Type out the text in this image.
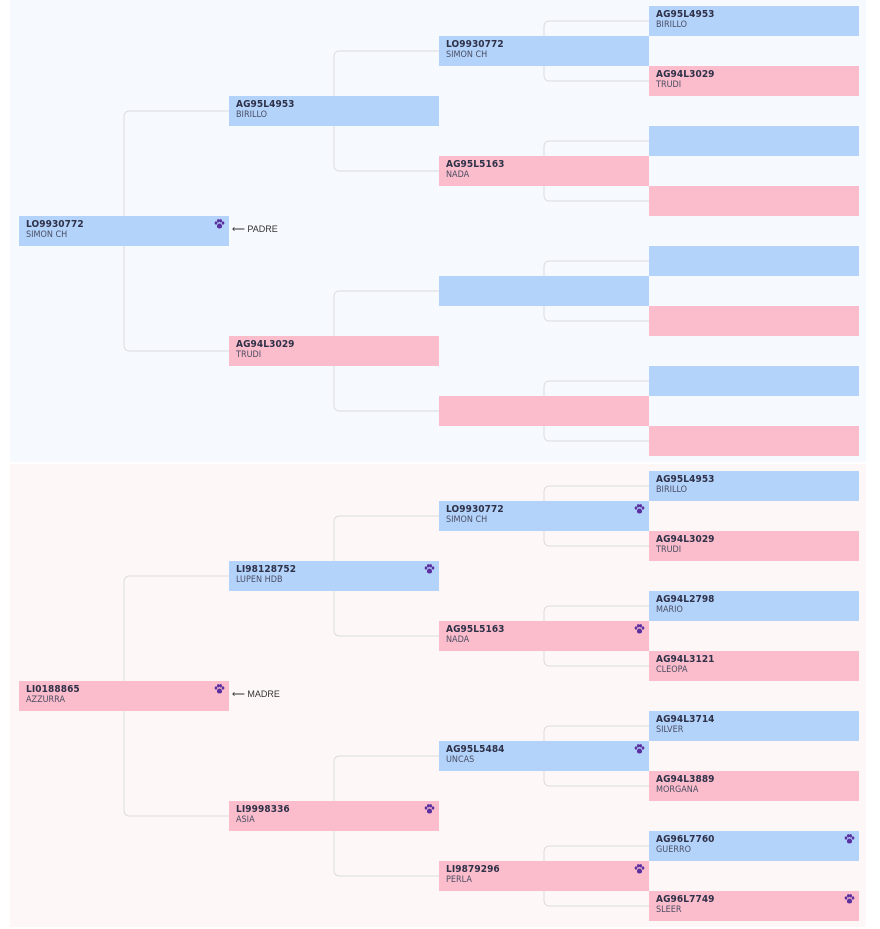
LO9930772
SIMON CH
AG95L4953
BIRILLO
AG94L3029
TRUDI
LO9930772
SIMON CH
AG95L5163
NADA
AG95L4953
BIRILLO
AG94L3029
TRUDI
LI0188865
AZZURRA
LI98128752
LUPEN HDB
LI9998336
ASIA
LO9930772
SIMON CH
AG95L5163
NADA
AG95L5484
UNCAS
LI9879296
PERLA
AG95L4953
BIRILLO
AG94L3029
TRUDI
AG94L2798
MARIO
AG94L3121
CLEOPA
AG94L3714
SILVER
AG94L3889
MORGANA
AG96L7760
GUERRO
AG96L7749
SLEER
⟵ PADRE
⟵ MADRE
